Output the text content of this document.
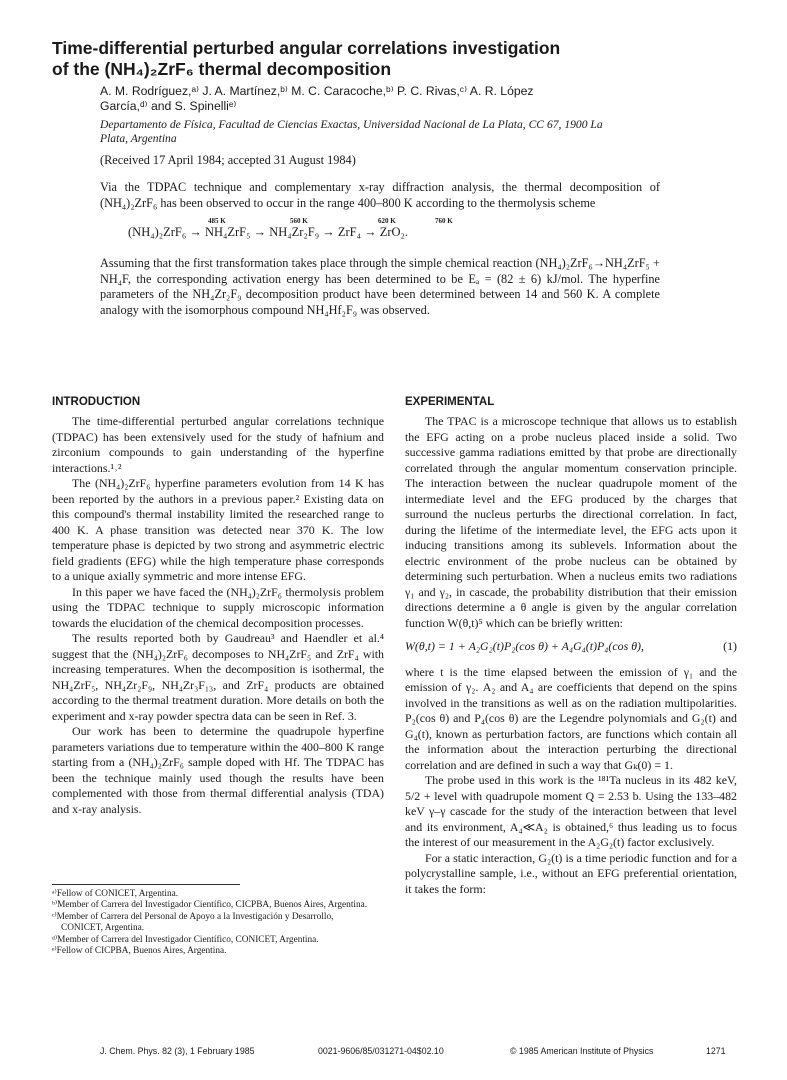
Time-differential perturbed angular correlations investigation
of the (NH₄)₂ZrF₆ thermal decomposition
A. M. Rodríguez,ᵃ⁾ J. A. Martínez,ᵇ⁾ M. C. Caracoche,ᵇ⁾ P. C. Rivas,ᶜ⁾ A. R. López
García,ᵈ⁾ and S. Spinelliᵉ⁾
Departamento de Física, Facultad de Ciencias Exactas, Universidad Nacional de La Plata, CC 67, 1900 La
Plata, Argentina
(Received 17 April 1984; accepted 31 August 1984)

Via the TDPAC technique and complementary x-ray diffraction analysis, the thermal decomposition of (NH₄)₂ZrF₆ has been observed to occur in the range 400–800 K according to the thermolysis scheme

485 K	560 K	620 K	760 K
(NH₄)₂ZrF₆ → NH₄ZrF₅ → NH₄Zr₂F₉ → ZrF₄ → ZrO₂.

Assuming that the first transformation takes place through the simple chemical reaction (NH₄)₂ZrF₆→NH₄ZrF₅ + NH₄F, the corresponding activation energy has been determined to be Eₐ = (82 ± 6) kJ/mol. The hyperfine parameters of the NH₄Zr₂F₉ decomposition product have been determined between 14 and 560 K. A complete analogy with the isomorphous compound NH₄Hf₂F₉ was observed.

INTRODUCTION

The time-differential perturbed angular correlations technique (TDPAC) has been extensively used for the study of hafnium and zirconium compounds to gain understanding of the hyperfine interactions.¹˒²

The (NH₄)₂ZrF₆ hyperfine parameters evolution from 14 K has been reported by the authors in a previous paper.² Existing data on this compound's thermal instability limited the researched range to 400 K. A phase transition was detected near 370 K. The low temperature phase is depicted by two strong and asymmetric electric field gradients (EFG) while the high temperature phase corresponds to a unique axially symmetric and more intense EFG.

In this paper we have faced the (NH₄)₂ZrF₆ thermolysis problem using the TDPAC technique to supply microscopic information towards the elucidation of the chemical decomposition processes.

The results reported both by Gaudreau³ and Haendler et al.⁴ suggest that the (NH₄)₂ZrF₆ decomposes to NH₄ZrF₅ and ZrF₄ with increasing temperatures. When the decomposition is isothermal, the NH₄ZrF₅, NH₄Zr₂F₉, NH₄Zr₃F₁₃, and ZrF₄ products are obtained according to the thermal treatment duration. More details on both the experiment and x-ray powder spectra data can be seen in Ref. 3.

Our work has been to determine the quadrupole hyperfine parameters variations due to temperature within the 400–800 K range starting from a (NH₄)₂ZrF₆ sample doped with Hf. The TDPAC has been the technique mainly used though the results have been complemented with those from thermal differential analysis (TDA) and x-ray analysis.

EXPERIMENTAL

The TPAC is a microscope technique that allows us to establish the EFG acting on a probe nucleus placed inside a solid. Two successive gamma radiations emitted by that probe are directionally correlated through the angular momentum conservation principle. The interaction between the nuclear quadrupole moment of the intermediate level and the EFG produced by the charges that surround the nucleus perturbs the directional correlation. In fact, during the lifetime of the intermediate level, the EFG acts upon it inducing transitions among its sublevels. Information about the electric environment of the probe nucleus can be obtained by determining such perturbation. When a nucleus emits two radiations γ₁ and γ₂, in cascade, the probability distribution that their emission directions determine a θ angle is given by the angular correlation function W(θ,t)⁵ which can be briefly written:

W(θ,t) = 1 + A₂G₂(t)P₂(cos θ) + A₄G₄(t)P₄(cos θ),	(1)

where t is the time elapsed between the emission of γ₁ and the emission of γ₂. A₂ and A₄ are coefficients that depend on the spins involved in the transitions as well as on the radiation multipolarities. P₂(cos θ) and P₄(cos θ) are the Legendre polynomials and G₂(t) and G₄(t), known as perturbation factors, are functions which contain all the information about the interaction perturbing the directional correlation and are defined in such a way that Gₖ(0) = 1.

The probe used in this work is the ¹⁸¹Ta nucleus in its 482 keV, 5/2 + level with quadrupole moment Q = 2.53 b. Using the 133–482 keV γ–γ cascade for the study of the interaction between that level and its environment, A₄≪A₂ is obtained,⁶ thus leading us to focus the interest of our measurement in the A₂G₂(t) factor exclusively.

For a static interaction, G₂(t) is a time periodic function and for a polycrystalline sample, i.e., without an EFG preferential orientation, it takes the form:

ᵃ⁾Fellow of CONICET, Argentina.
ᵇ⁾Member of Carrera del Investigador Científico, CICPBA, Buenos Aires, Argentina.
ᶜ⁾Member of Carrera del Personal de Apoyo a la Investigación y Desarrollo, CONICET, Argentina.
ᵈ⁾Member of Carrera del Investigador Científico, CONICET, Argentina.
ᵉ⁾Fellow of CICPBA, Buenos Aires, Argentina.
J. Chem. Phys. 82 (3), 1 February 1985	0021-9606/85/031271-04$02.10	© 1985 American Institute of Physics	1271
